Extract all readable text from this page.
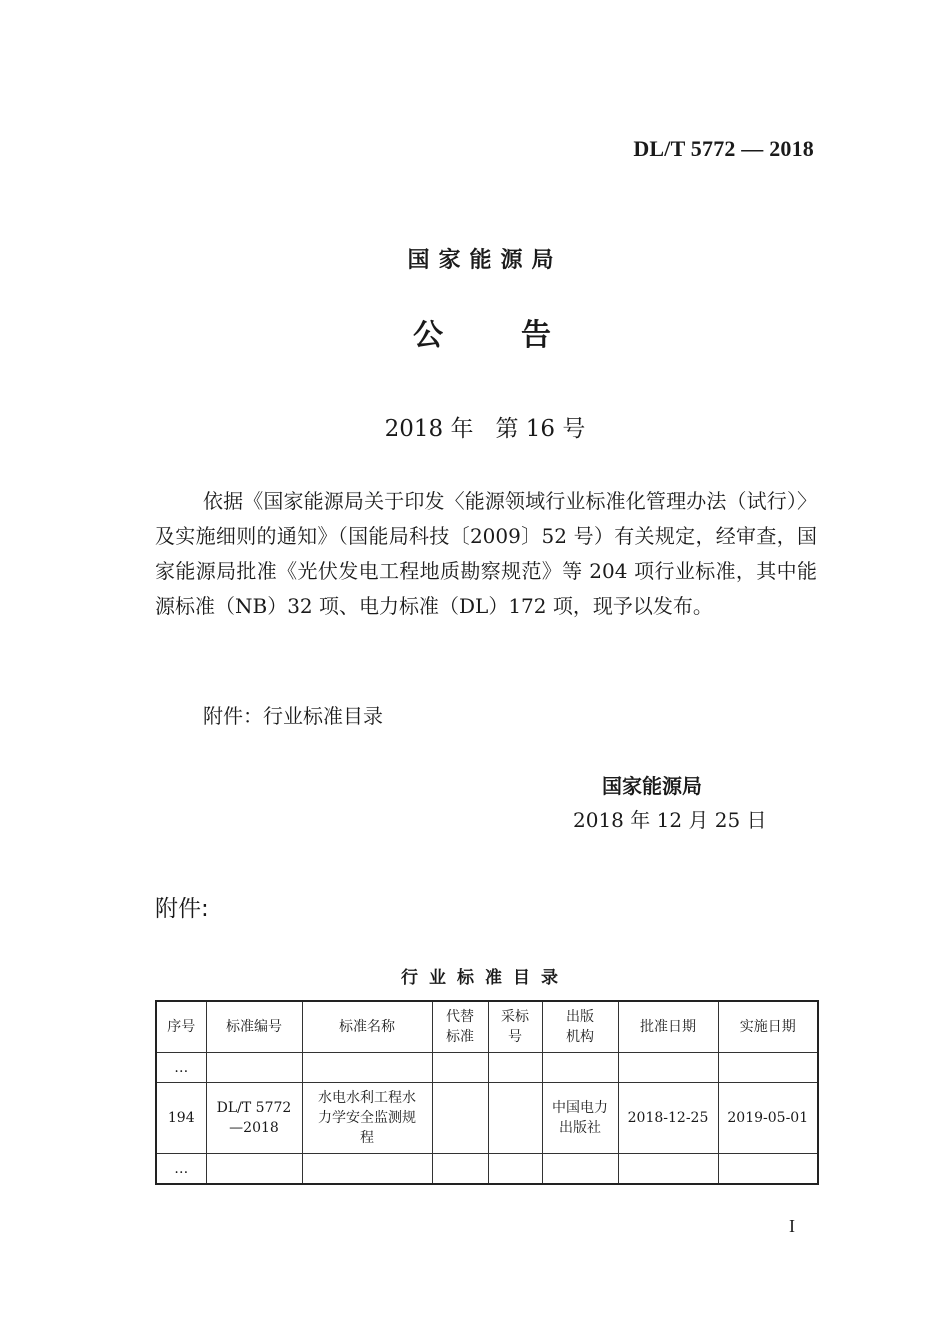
DL/T 5772 — 2018
国家能源局
公告
2018 年 第 16 号

依据《国家能源局关于印发〈能源领域行业标准化管理办法（试行）〉及实施细则的通知》（国能局科技〔2009〕52 号）有关规定，经审查，国家能源局批准《光伏发电工程地质勘察规范》等 204 项行业标准，其中能源标准（NB）32 项、电力标准（DL）172 项，现予以发布。

附件：行业标准目录
国家能源局
2018 年 12 月 25 日
附件:
行业标准目录
序号	标准编号	标准名称	代替标准	采标号	出版机构	批准日期	实施日期
…							
194	DL/T 5772—2018	水电水利工程水力学安全监测规程			中国电力出版社	2018-12-25	2019-05-01
…							
I
